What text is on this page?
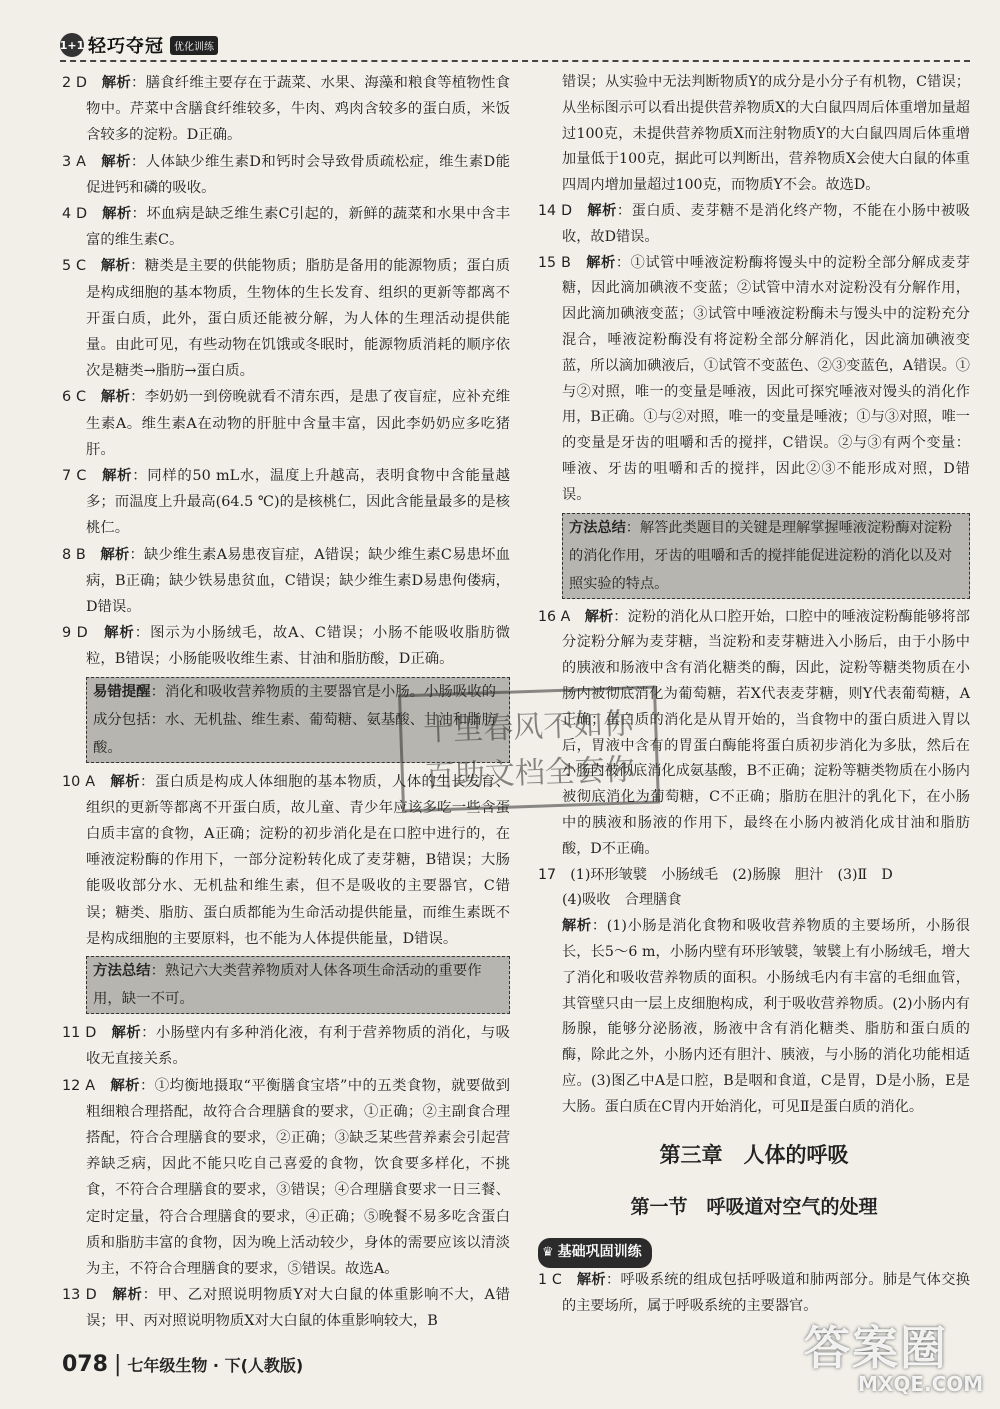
1+1 轻巧夺冠	优化训练

2 D　 解析：膳食纤维主要存在于蔬菜、水果、海藻和粮食等植物性食物中。芹菜中含膳食纤维较多，牛肉、鸡肉含较多的蛋白质，米饭含较多的淀粉。D正确。

3 A　 解析：人体缺少维生素D和钙时会导致骨质疏松症，维生素D能促进钙和磷的吸收。

4 D　 解析：坏血病是缺乏维生素C引起的，新鲜的蔬菜和水果中含丰富的维生素C。

5 C　 解析：糖类是主要的供能物质；脂肪是备用的能源物质；蛋白质是构成细胞的基本物质，生物体的生长发育、组织的更新等都离不开蛋白质，此外，蛋白质还能被分解，为人体的生理活动提供能量。由此可见，有些动物在饥饿或冬眠时，能源物质消耗的顺序依次是糖类→脂肪→蛋白质。

6 C　 解析：李奶奶一到傍晚就看不清东西，是患了夜盲症，应补充维生素A。维生素A在动物的肝脏中含量丰富，因此李奶奶应多吃猪肝。

7 C　 解析：同样的50 mL水，温度上升越高，表明食物中含能量越多；而温度上升最高(64.5 ℃)的是核桃仁，因此含能量最多的是核桃仁。

8 B　 解析：缺少维生素A易患夜盲症，A错误；缺少维生素C易患坏血病，B正确；缺少铁易患贫血，C错误；缺少维生素D易患佝偻病，D错误。

9 D　 解析：图示为小肠绒毛，故A、C错误；小肠不能吸收脂肪微粒，B错误；小肠能吸收维生素、甘油和脂肪酸，D正确。

易错提醒：消化和吸收营养物质的主要器官是小肠。小肠吸收的成分包括：水、无机盐、维生素、葡萄糖、氨基酸、甘油和脂肪酸。

10 A　 解析：蛋白质是构成人体细胞的基本物质，人体的生长发育、组织的更新等都离不开蛋白质，故儿童、青少年应该多吃一些含蛋白质丰富的食物，A正确；淀粉的初步消化是在口腔中进行的，在唾液淀粉酶的作用下，一部分淀粉转化成了麦芽糖，B错误；大肠能吸收部分水、无机盐和维生素，但不是吸收的主要器官，C错误；糖类、脂肪、蛋白质都能为生命活动提供能量，而维生素既不是构成细胞的主要原料，也不能为人体提供能量，D错误。

方法总结：熟记六大类营养物质对人体各项生命活动的重要作用，缺一不可。

11 D　 解析：小肠壁内有多种消化液，有利于营养物质的消化，与吸收无直接关系。

12 A　 解析：①均衡地摄取“平衡膳食宝塔”中的五类食物，就要做到粗细粮合理搭配，故符合合理膳食的要求，①正确；②主副食合理搭配，符合合理膳食的要求，②正确；③缺乏某些营养素会引起营养缺乏病，因此不能只吃自己喜爱的食物，饮食要多样化，不挑食，不符合合理膳食的要求，③错误；④合理膳食要求一日三餐、定时定量，符合合理膳食的要求，④正确；⑤晚餐不易多吃含蛋白质和脂肪丰富的食物，因为晚上活动较少，身体的需要应该以清淡为主，不符合合理膳食的要求，⑤错误。故选A。

13 D　 解析：甲、乙对照说明物质Y对大白鼠的体重影响不大，A错误；甲、丙对照说明物质X对大白鼠的体重影响较大，B

错误；从实验中无法判断物质Y的成分是小分子有机物，C错误；从坐标图示可以看出提供营养物质X的大白鼠四周后体重增加量超过100克，未提供营养物质X而注射物质Y的大白鼠四周后体重增加量低于100克，据此可以判断出，营养物质X会使大白鼠的体重四周内增加量超过100克，而物质Y不会。故选D。

14 D　 解析：蛋白质、麦芽糖不是消化终产物，不能在小肠中被吸收，故D错误。

15 B　 解析：①试管中唾液淀粉酶将馒头中的淀粉全部分解成麦芽糖，因此滴加碘液不变蓝；②试管中清水对淀粉没有分解作用，因此滴加碘液变蓝；③试管中唾液淀粉酶未与馒头中的淀粉充分混合，唾液淀粉酶没有将淀粉全部分解消化，因此滴加碘液变蓝，所以滴加碘液后，①试管不变蓝色、②③变蓝色，A错误。①与②对照，唯一的变量是唾液，因此可探究唾液对馒头的消化作用，B正确。①与②对照，唯一的变量是唾液；①与③对照，唯一的变量是牙齿的咀嚼和舌的搅拌，C错误。②与③有两个变量：唾液、牙齿的咀嚼和舌的搅拌，因此②③不能形成对照，D错误。

方法总结：解答此类题目的关键是理解掌握唾液淀粉酶对淀粉的消化作用，牙齿的咀嚼和舌的搅拌能促进淀粉的消化以及对照实验的特点。

16 A　 解析：淀粉的消化从口腔开始，口腔中的唾液淀粉酶能够将部分淀粉分解为麦芽糖，当淀粉和麦芽糖进入小肠后，由于小肠中的胰液和肠液中含有消化糖类的酶，因此，淀粉等糖类物质在小肠内被彻底消化为葡萄糖，若X代表麦芽糖，则Y代表葡萄糖，A正确；蛋白质的消化是从胃开始的，当食物中的蛋白质进入胃以后，胃液中含有的胃蛋白酶能将蛋白质初步消化为多肽，然后在小肠内被彻底消化成氨基酸，B不正确；淀粉等糖类物质在小肠内被彻底消化为葡萄糖，C不正确；脂肪在胆汁的乳化下，在小肠中的胰液和肠液的作用下，最终在小肠内被消化成甘油和脂肪酸，D不正确。

17　 (1)环形皱襞　小肠绒毛　(2)肠腺　胆汁　(3)Ⅱ　D

(4)吸收　合理膳食

解析：(1)小肠是消化食物和吸收营养物质的主要场所，小肠很长，长5～6 m，小肠内壁有环形皱襞，皱襞上有小肠绒毛，增大了消化和吸收营养物质的面积。小肠绒毛内有丰富的毛细血管，其管壁只由一层上皮细胞构成，利于吸收营养物质。(2)小肠内有肠腺，能够分泌肠液，肠液中含有消化糖类、脂肪和蛋白质的酶，除此之外，小肠内还有胆汁、胰液，与小肠的消化功能相适应。(3)图乙中A是口腔，B是咽和食道，C是胃，D是小肠，E是大肠。蛋白质在C胃内开始消化，可见Ⅱ是蛋白质的消化。

第三章　人体的呼吸
第一节　呼吸道对空气的处理
♛ 基础巩固训练

1 C　 解析：呼吸系统的组成包括呼吸道和肺两部分。肺是气体交换的主要场所，属于呼吸系统的主要器官。

十里春风不如你
百助文档全套你
078 | 七年级生物 · 下(人教版)	答案圈
MXQE.COM
